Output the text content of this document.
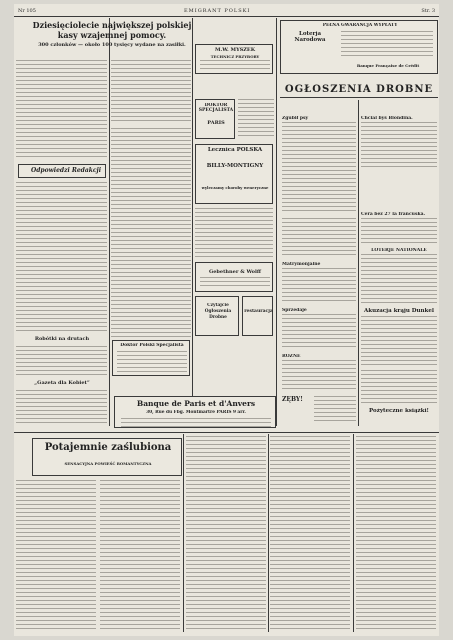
Nr 105	EMIGRANT POLSKI	Str. 3
Dziesięciolecie największej polskiej kasy wzajemnej pomocy.
300 członków — około 100 tysięcy wydane na zasiłki.
Odpowiedzi Redakcji
Robótki na drutach
„Gazeta dla Kobiet”
Doktor Polski Specjalista
M.W. MYSZEK
TECHNICZ PRZYBORY
DOKTOR SPECJALISTA
PARIS
Lecznica POLSKA
BILLY-MONTIGNY
wyleczamy choroby weneryczne
Gebethner & Wolff
Czytajcie Ogłoszenia Drobne
restauracja
PEŁNA GWARANCJA WYPŁATY
Loterja Narodowa
Banque Française de Crédit
OGŁOSZENIA DROBNE
Zgubił psy	Chcial byś Blondina.
Cera bez 27 la francuska.
LOTERJE NATIONALE
Akuzacja krąju Dunkel
Pożyteczne książki!
Matrymonjalne
Sprzedaje
ROZNE
ZĘBY!
Banque de Paris et d'Anvers
30, Rue du Fbg. Montmartre PARIS 9 arr.
Potajemnie zaślubiona
SENSACYJNA POWIEŚĆ ROMANTYCZNA
